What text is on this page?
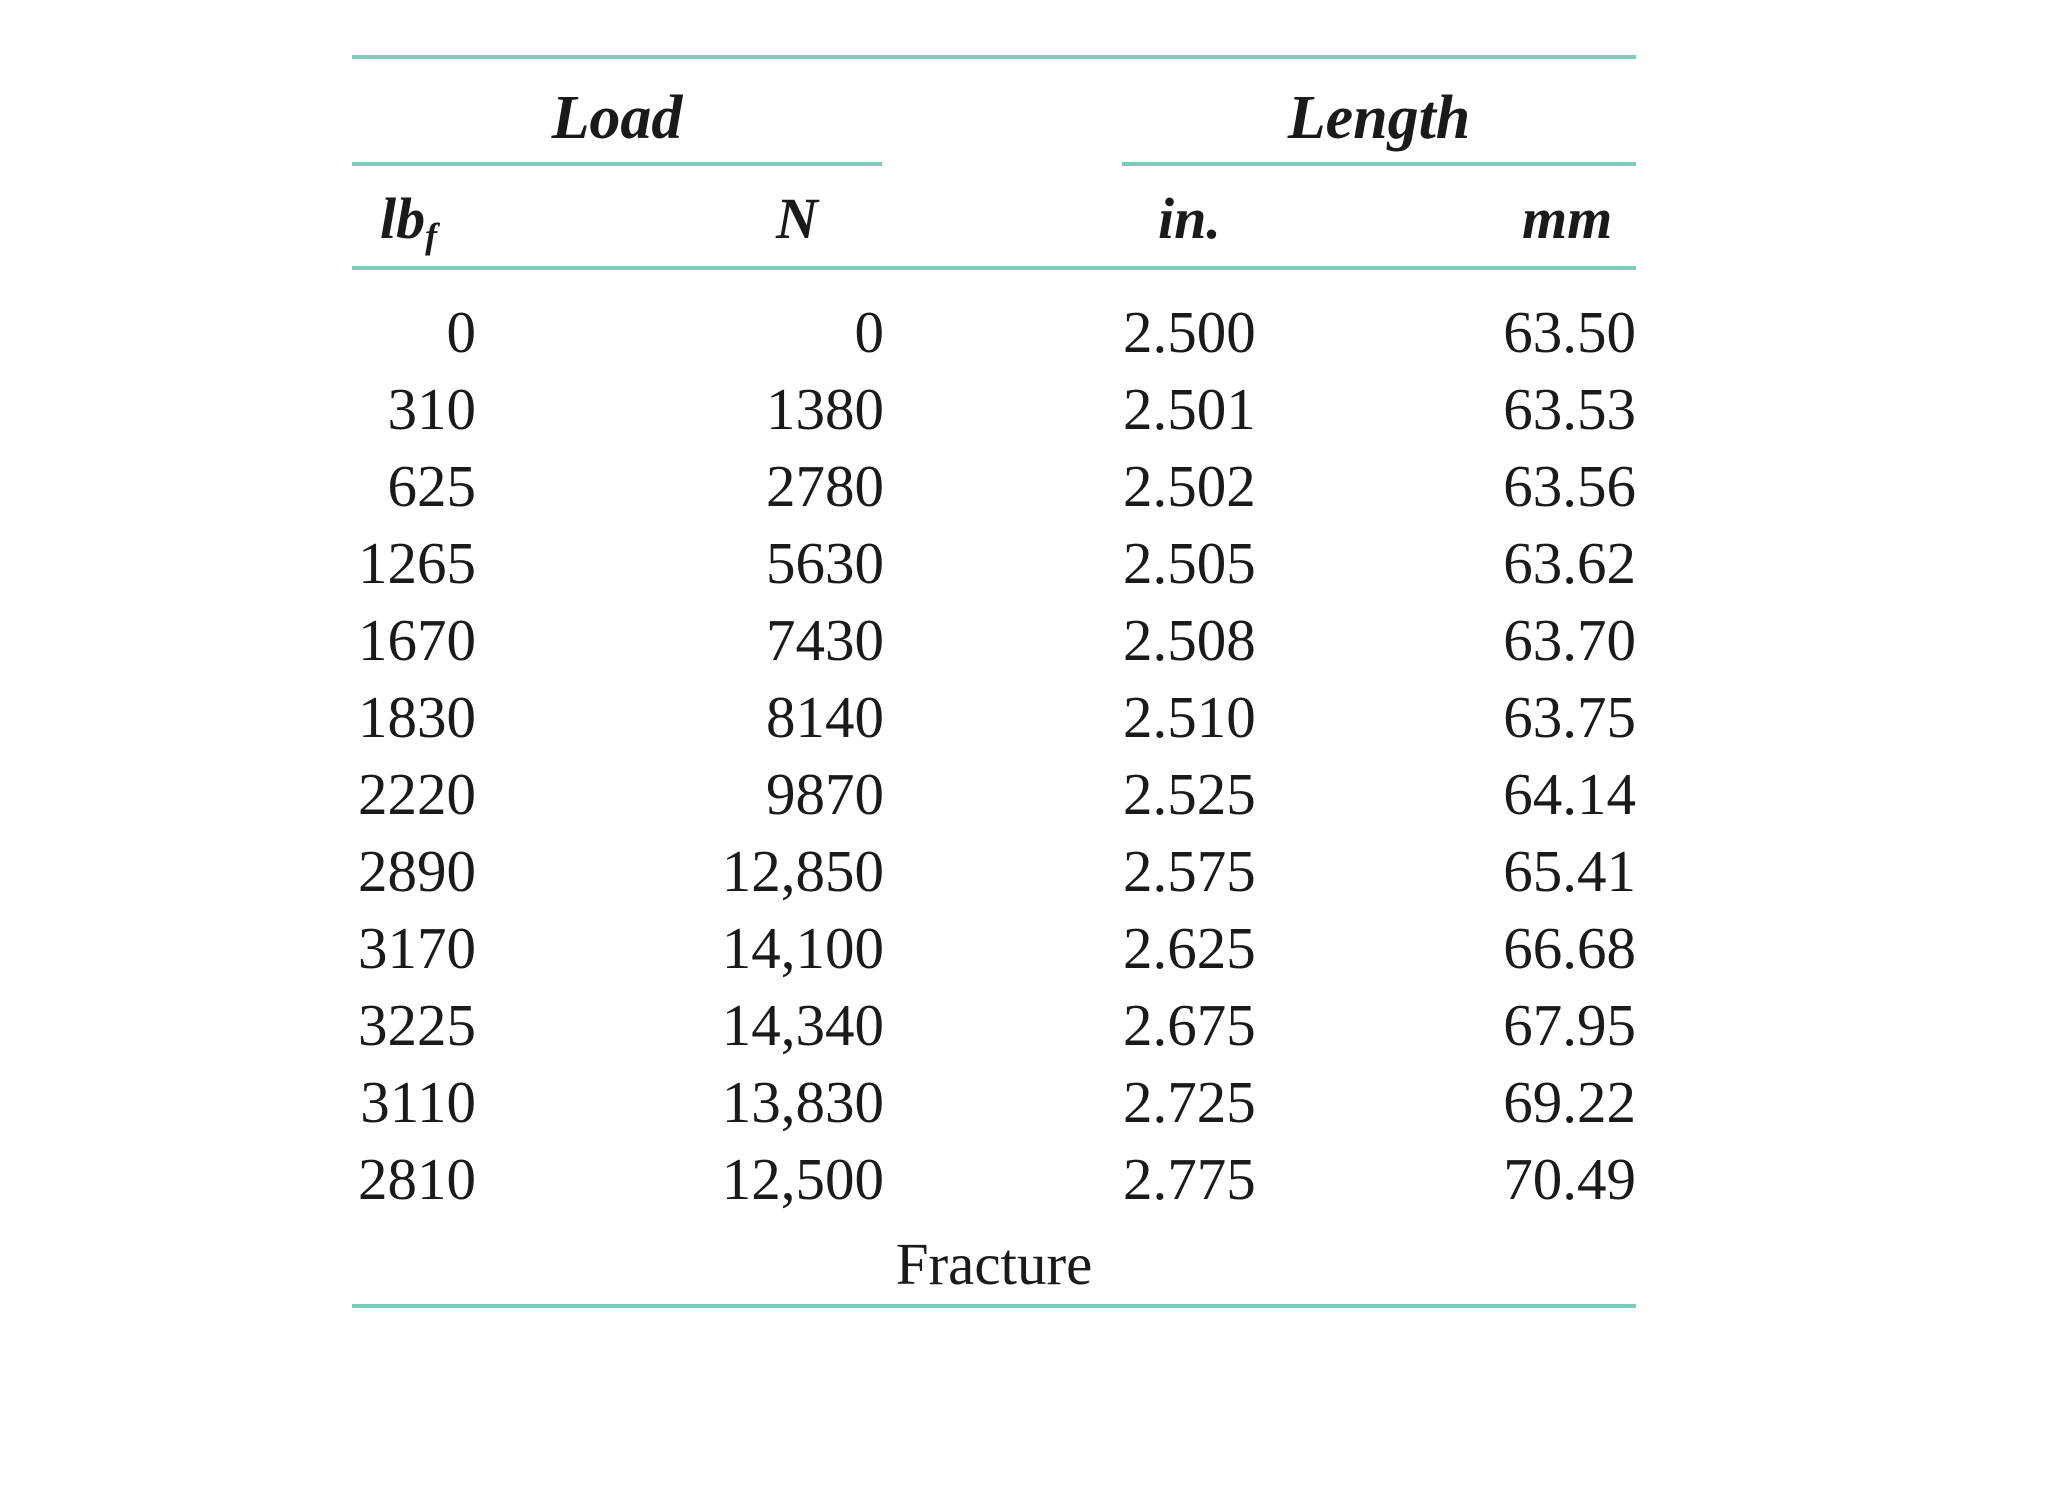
Load	Length
$lb_f$	N	in.	mm
0	0	2.500	63.50
310	1380	2.501	63.53
625	2780	2.502	63.56
1265	5630	2.505	63.62
1670	7430	2.508	63.70
1830	8140	2.510	63.75
2220	9870	2.525	64.14
2890	12,850	2.575	65.41
3170	14,100	2.625	66.68
3225	14,340	2.675	67.95
3110	13,830	2.725	69.22
2810	12,500	2.775	70.49
Fracture
